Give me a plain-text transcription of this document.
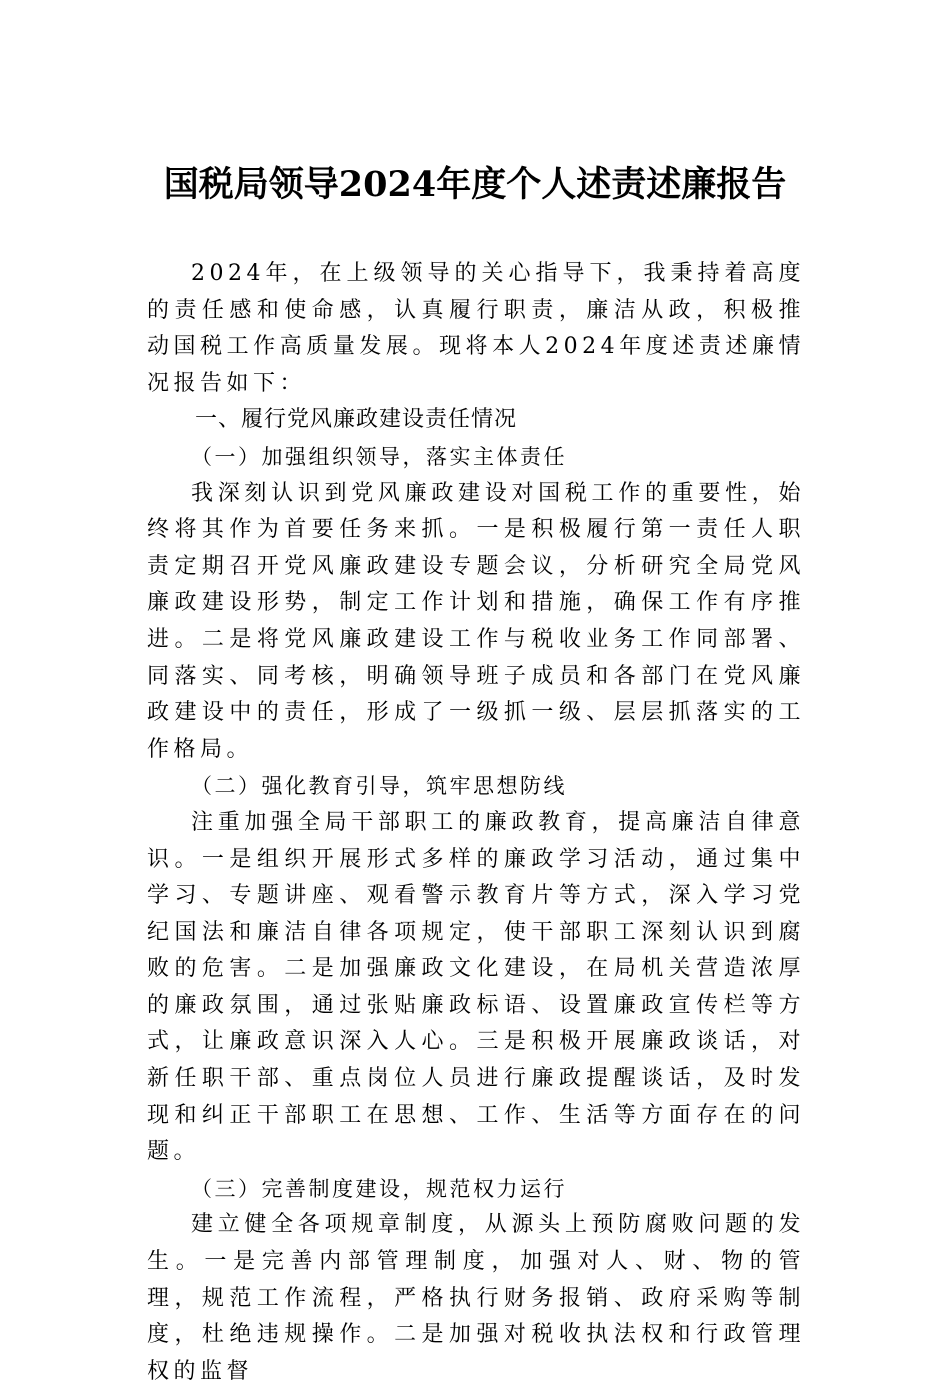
国税局领导2024年度个人述责述廉报告

2024年，在上级领导的关心指导下，我秉持着高度的责任感和使命感，认真履行职责，廉洁从政，积极推动国税工作高质量发展。现将本人2024年度述责述廉情况报告如下：

一、履行党风廉政建设责任情况

（一）加强组织领导，落实主体责任

我深刻认识到党风廉政建设对国税工作的重要性，始终将其作为首要任务来抓。一是积极履行第一责任人职责定期召开党风廉政建设专题会议，分析研究全局党风廉政建设形势，制定工作计划和措施，确保工作有序推进。二是将党风廉政建设工作与税收业务工作同部署、同落实、同考核，明确领导班子成员和各部门在党风廉政建设中的责任，形成了一级抓一级、层层抓落实的工作格局。

（二）强化教育引导，筑牢思想防线

注重加强全局干部职工的廉政教育，提高廉洁自律意识。一是组织开展形式多样的廉政学习活动，通过集中学习、专题讲座、观看警示教育片等方式，深入学习党纪国法和廉洁自律各项规定，使干部职工深刻认识到腐败的危害。二是加强廉政文化建设，在局机关营造浓厚的廉政氛围，通过张贴廉政标语、设置廉政宣传栏等方式，让廉政意识深入人心。三是积极开展廉政谈话，对新任职干部、重点岗位人员进行廉政提醒谈话，及时发现和纠正干部职工在思想、工作、生活等方面存在的问题。

（三）完善制度建设，规范权力运行

建立健全各项规章制度，从源头上预防腐败问题的发生。一是完善内部管理制度，加强对人、财、物的管理，规范工作流程，严格执行财务报销、政府采购等制度，杜绝违规操作。二是加强对税收执法权和行政管理权的监督
